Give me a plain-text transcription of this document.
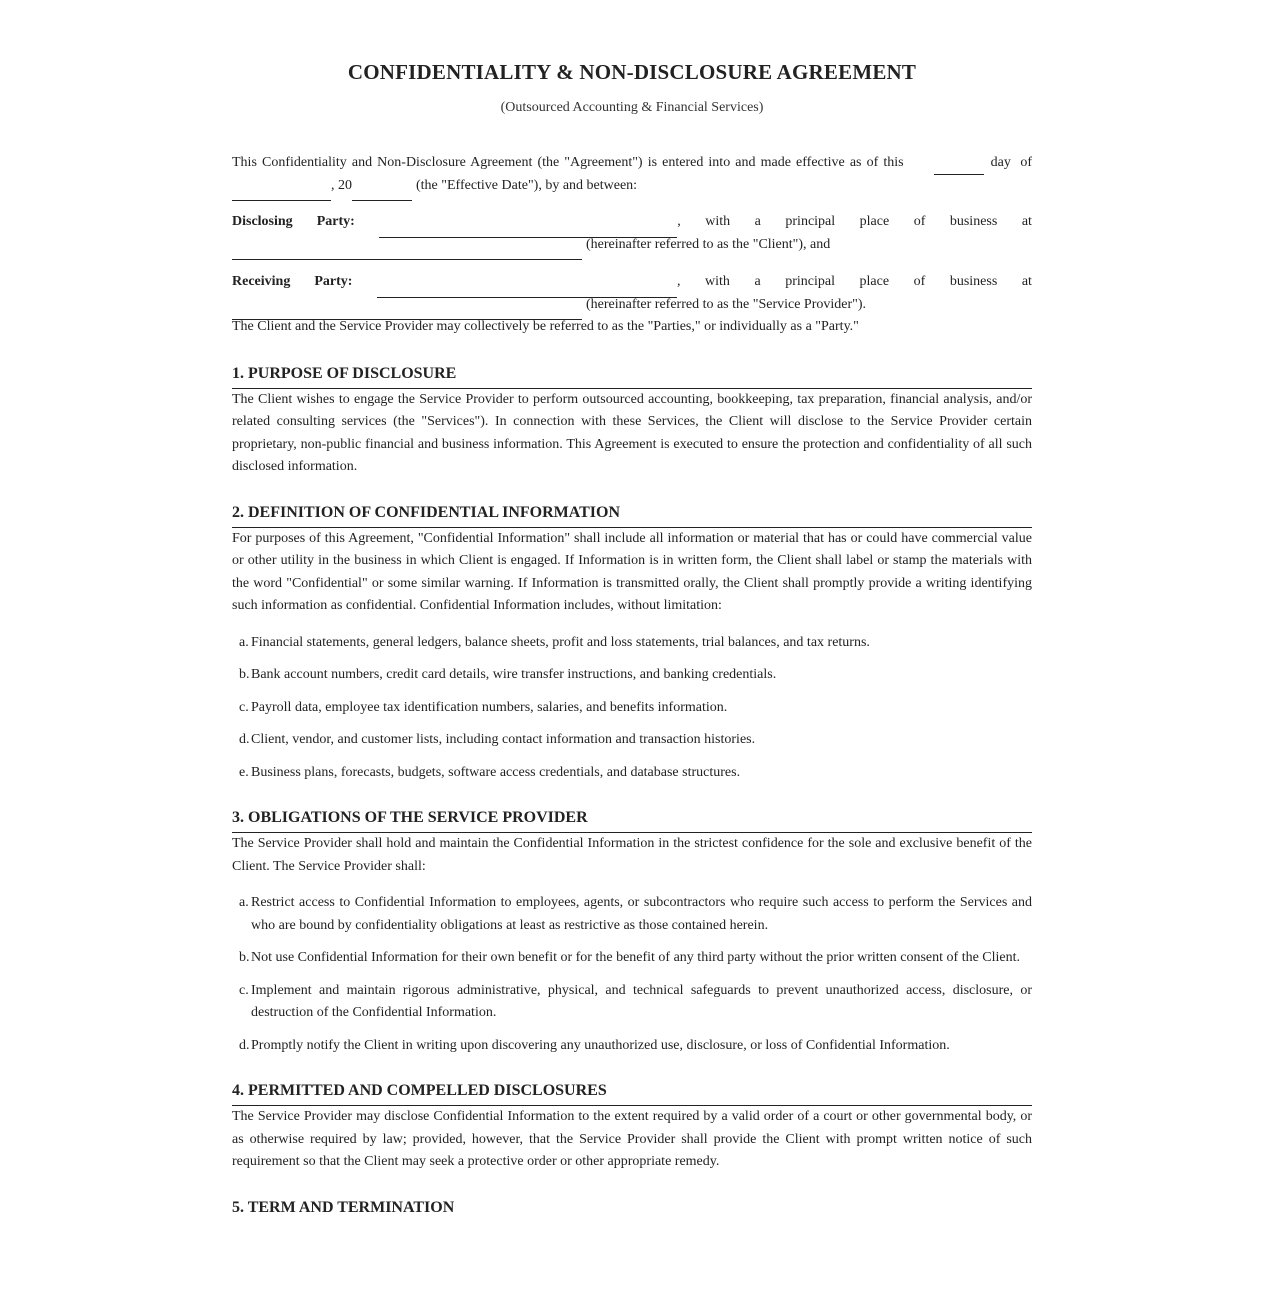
CONFIDENTIALITY & NON-DISCLOSURE AGREEMENT

(Outsourced Accounting & Financial Services)

This Confidentiality and Non-Disclosure Agreement (the "Agreement") is entered into and made effective as of this	day of
, 20	(the "Effective Date"), by and between:
Disclosing Party:	, with a principal place of business at
(hereinafter referred to as the "Client"), and
Receiving Party:	, with a principal place of business at
(hereinafter referred to as the "Service Provider").

The Client and the Service Provider may collectively be referred to as the "Parties," or individually as a "Party."

1. PURPOSE OF DISCLOSURE

The Client wishes to engage the Service Provider to perform outsourced accounting, bookkeeping, tax preparation, financial analysis, and/or related consulting services (the "Services"). In connection with these Services, the Client will disclose to the Service Provider certain proprietary, non-public financial and business information. This Agreement is executed to ensure the protection and confidentiality of all such disclosed information.

2. DEFINITION OF CONFIDENTIAL INFORMATION

For purposes of this Agreement, "Confidential Information" shall include all information or material that has or could have commercial value or other utility in the business in which Client is engaged. If Information is in written form, the Client shall label or stamp the materials with the word "Confidential" or some similar warning. If Information is transmitted orally, the Client shall promptly provide a writing identifying such information as confidential. Confidential Information includes, without limitation:

a. Financial statements, general ledgers, balance sheets, profit and loss statements, trial balances, and tax returns.
b. Bank account numbers, credit card details, wire transfer instructions, and banking credentials.
c. Payroll data, employee tax identification numbers, salaries, and benefits information.
d. Client, vendor, and customer lists, including contact information and transaction histories.
e. Business plans, forecasts, budgets, software access credentials, and database structures.
3. OBLIGATIONS OF THE SERVICE PROVIDER

The Service Provider shall hold and maintain the Confidential Information in the strictest confidence for the sole and exclusive benefit of the Client. The Service Provider shall:

a. Restrict access to Confidential Information to employees, agents, or subcontractors who require such access to perform the Services and who are bound by confidentiality obligations at least as restrictive as those contained herein.
b. Not use Confidential Information for their own benefit or for the benefit of any third party without the prior written consent of the Client.
c. Implement and maintain rigorous administrative, physical, and technical safeguards to prevent unauthorized access, disclosure, or destruction of the Confidential Information.
d. Promptly notify the Client in writing upon discovering any unauthorized use, disclosure, or loss of Confidential Information.
4. PERMITTED AND COMPELLED DISCLOSURES

The Service Provider may disclose Confidential Information to the extent required by a valid order of a court or other governmental body, or as otherwise required by law; provided, however, that the Service Provider shall provide the Client with prompt written notice of such requirement so that the Client may seek a protective order or other appropriate remedy.

5. TERM AND TERMINATION
